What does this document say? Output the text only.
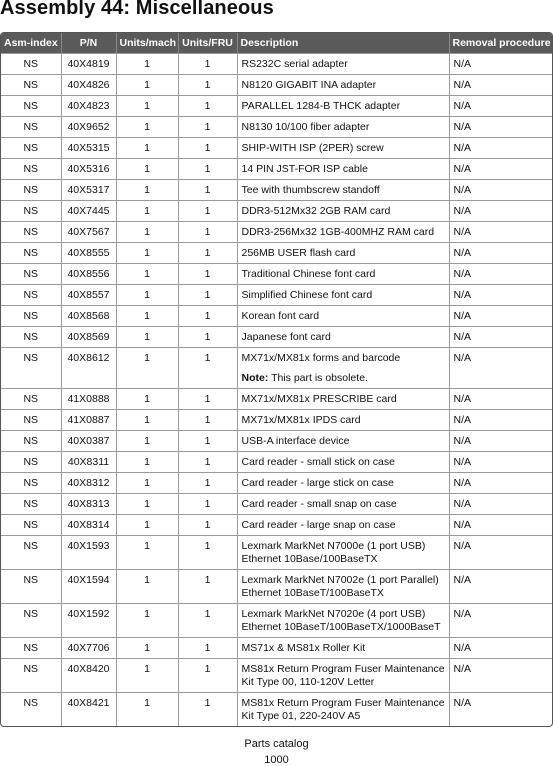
Assembly 44: Miscellaneous
Asm-index	P/N	Units/mach	Units/FRU	Description	Removal procedure
NS	40X4819	1	1	RS232C serial adapter	N/A
NS	40X4826	1	1	N8120 GIGABIT INA adapter	N/A
NS	40X4823	1	1	PARALLEL 1284-B THCK adapter	N/A
NS	40X9652	1	1	N8130 10/100 fiber adapter	N/A
NS	40X5315	1	1	SHIP-WITH ISP (2PER) screw	N/A
NS	40X5316	1	1	14 PIN JST-FOR ISP cable	N/A
NS	40X5317	1	1	Tee with thumbscrew standoff	N/A
NS	40X7445	1	1	DDR3-512Mx32 2GB RAM card	N/A
NS	40X7567	1	1	DDR3-256Mx32 1GB-400MHZ RAM card	N/A
NS	40X8555	1	1	256MB USER flash card	N/A
NS	40X8556	1	1	Traditional Chinese font card	N/A
NS	40X8557	1	1	Simplified Chinese font card	N/A
NS	40X8568	1	1	Korean font card	N/A
NS	40X8569	1	1	Japanese font card	N/A
NS	40X8612	1	1	MX71x/MX81x forms and barcode
Note: This part is obsolete.	N/A
NS	41X0888	1	1	MX71x/MX81x PRESCRIBE card	N/A
NS	41X0887	1	1	MX71x/MX81x IPDS card	N/A
NS	40X0387	1	1	USB-A interface device	N/A
NS	40X8311	1	1	Card reader - small stick on case	N/A
NS	40X8312	1	1	Card reader - large stick on case	N/A
NS	40X8313	1	1	Card reader - small snap on case	N/A
NS	40X8314	1	1	Card reader - large snap on case	N/A
NS	40X1593	1	1	Lexmark MarkNet N7000e (1 port USB)
Ethernet 10Base/100BaseTX	N/A
NS	40X1594	1	1	Lexmark MarkNet N7002e (1 port Parallel)
Ethernet 10BaseT/100BaseTX	N/A
NS	40X1592	1	1	Lexmark MarkNet N7020e (4 port USB)
Ethernet 10BaseT/100BaseTX/1000BaseT	N/A
NS	40X7706	1	1	MS71x & MS81x Roller Kit	N/A
NS	40X8420	1	1	MS81x Return Program Fuser Maintenance
Kit Type 00, 110-120V Letter	N/A
NS	40X8421	1	1	MS81x Return Program Fuser Maintenance
Kit Type 01, 220-240V A5	N/A
Parts catalog
1000
